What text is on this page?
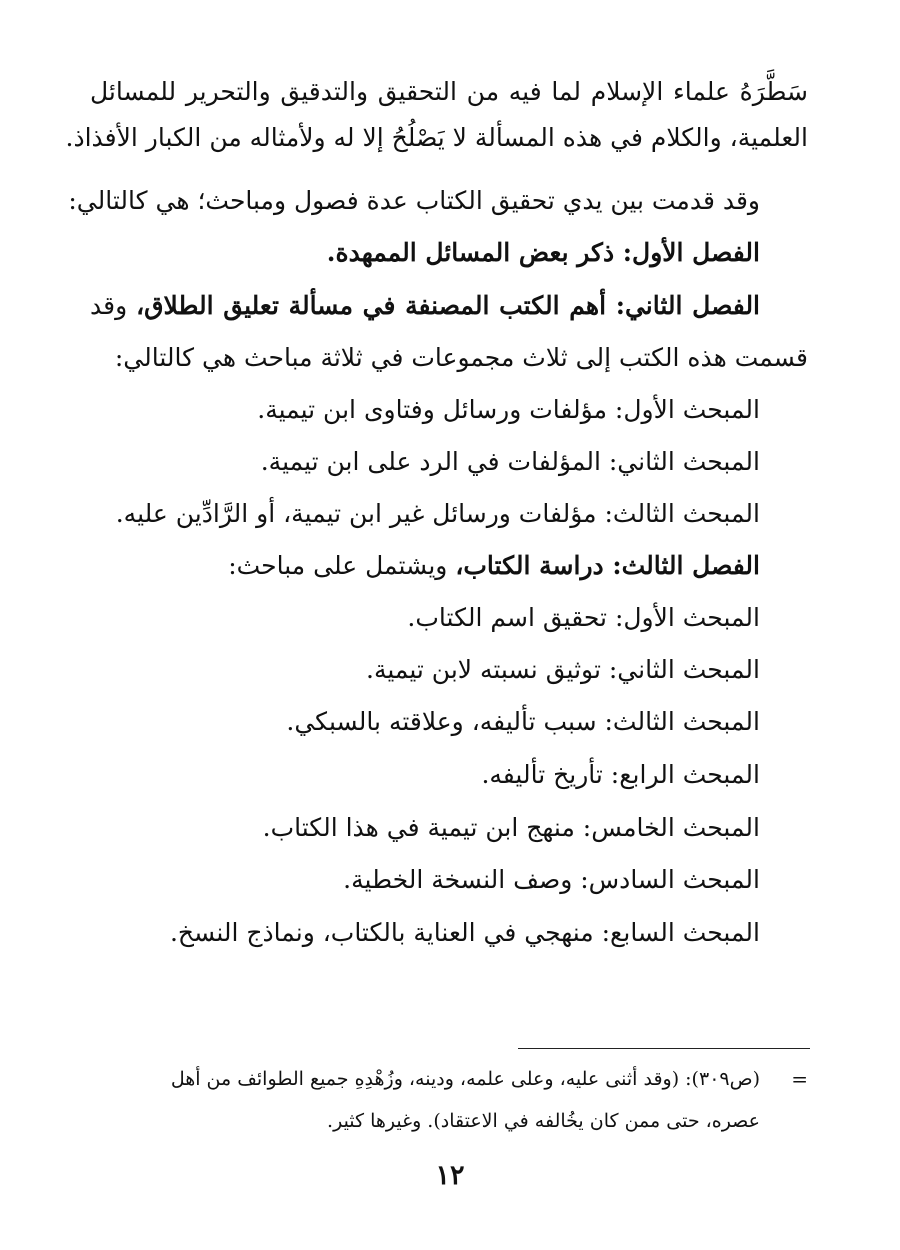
سَطَّرَهُ علماء الإسلام لما فيه من التحقيق والتدقيق والتحرير للمسائل
العلمية، والكلام في هذه المسألة لا يَصْلُحُ إلا له ولأمثاله من الكبار الأفذاذ.
وقد قدمت بين يدي تحقيق الكتاب عدة فصول ومباحث؛ هي كالتالي:
الفصل الأول: ذكر بعض المسائل الممهدة.
الفصل الثاني: أهم الكتب المصنفة في مسألة تعليق الطلاق، وقد
قسمت هذه الكتب إلى ثلاث مجموعات في ثلاثة مباحث هي كالتالي:
المبحث الأول: مؤلفات ورسائل وفتاوى ابن تيمية.
المبحث الثاني: المؤلفات في الرد على ابن تيمية.
المبحث الثالث: مؤلفات ورسائل غير ابن تيمية، أو الرَّادِّين عليه.
الفصل الثالث: دراسة الكتاب، ويشتمل على مباحث:
المبحث الأول: تحقيق اسم الكتاب.
المبحث الثاني: توثيق نسبته لابن تيمية.
المبحث الثالث: سبب تأليفه، وعلاقته بالسبكي.
المبحث الرابع: تأريخ تأليفه.
المبحث الخامس: منهج ابن تيمية في هذا الكتاب.
المبحث السادس: وصف النسخة الخطية.
المبحث السابع: منهجي في العناية بالكتاب، ونماذج النسخ.
=
(ص٣٠٩): (وقد أثنى عليه، وعلى علمه، ودينه، وزُهْدِهِ جميع الطوائف من أهل
عصره، حتى ممن كان يخُالفه في الاعتقاد). وغيرها كثير.
١٢
